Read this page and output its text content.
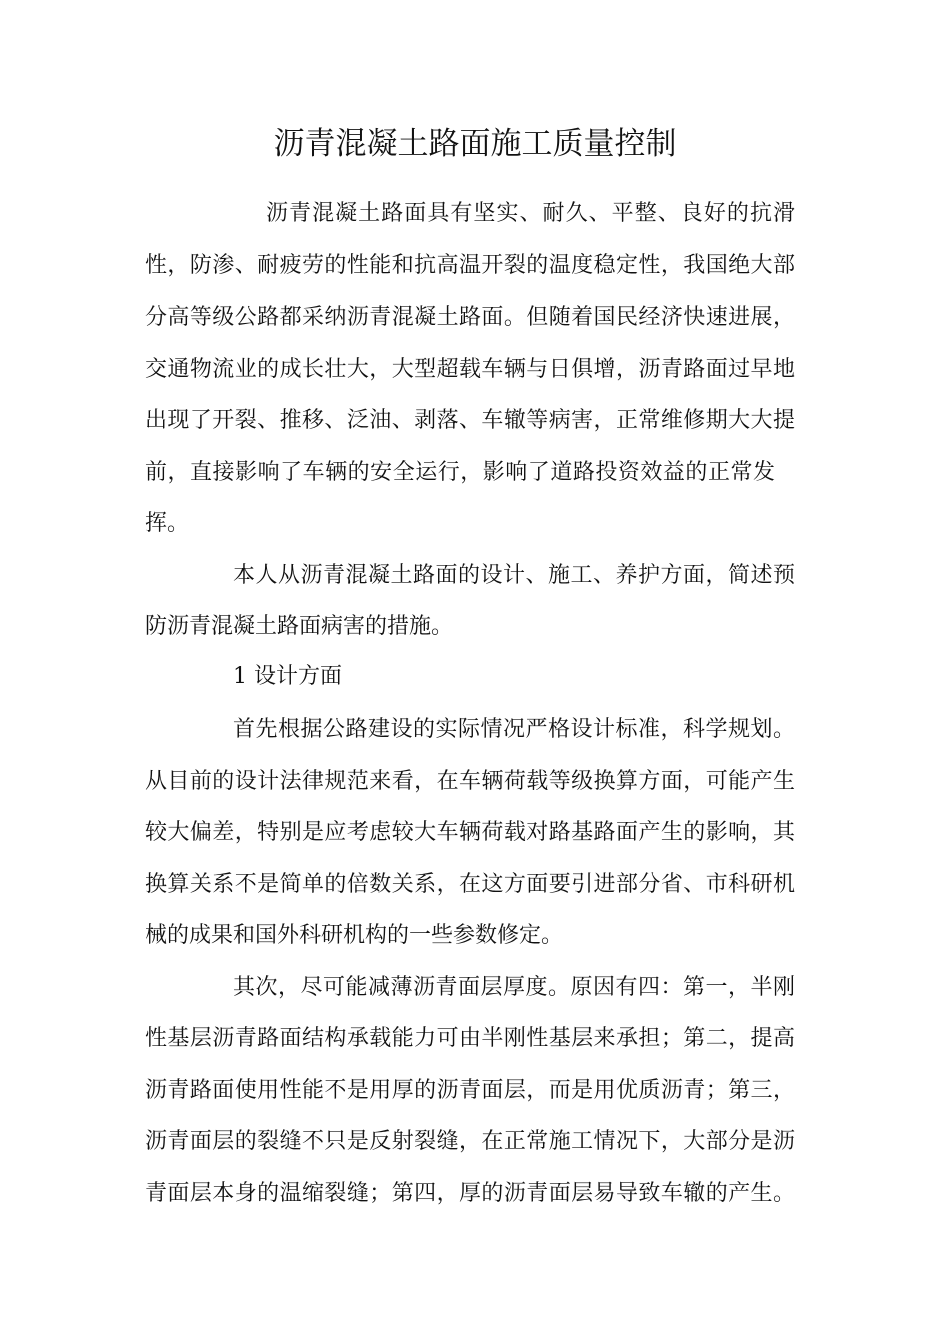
沥青混凝土路面施工质量控制

沥青混凝土路面具有坚实、耐久、平整、良好的抗滑

性，防渗、耐疲劳的性能和抗高温开裂的温度稳定性，我国绝大部

分高等级公路都采纳沥青混凝土路面。但随着国民经济快速进展，

交通物流业的成长壮大，大型超载车辆与日俱增，沥青路面过早地

出现了开裂、推移、泛油、剥落、车辙等病害，正常维修期大大提

前，直接影响了车辆的安全运行，影响了道路投资效益的正常发

挥。

本人从沥青混凝土路面的设计、施工、养护方面，简述预

防沥青混凝土路面病害的措施。

1 设计方面

首先根据公路建设的实际情况严格设计标准，科学规划。

从目前的设计法律规范来看，在车辆荷载等级换算方面，可能产生

较大偏差，特别是应考虑较大车辆荷载对路基路面产生的影响，其

换算关系不是简单的倍数关系，在这方面要引进部分省、市科研机

械的成果和国外科研机构的一些参数修定。

其次，尽可能减薄沥青面层厚度。原因有四：第一，半刚

性基层沥青路面结构承载能力可由半刚性基层来承担；第二，提高

沥青路面使用性能不是用厚的沥青面层，而是用优质沥青；第三，

沥青面层的裂缝不只是反射裂缝，在正常施工情况下，大部分是沥

青面层本身的温缩裂缝；第四，厚的沥青面层易导致车辙的产生。
